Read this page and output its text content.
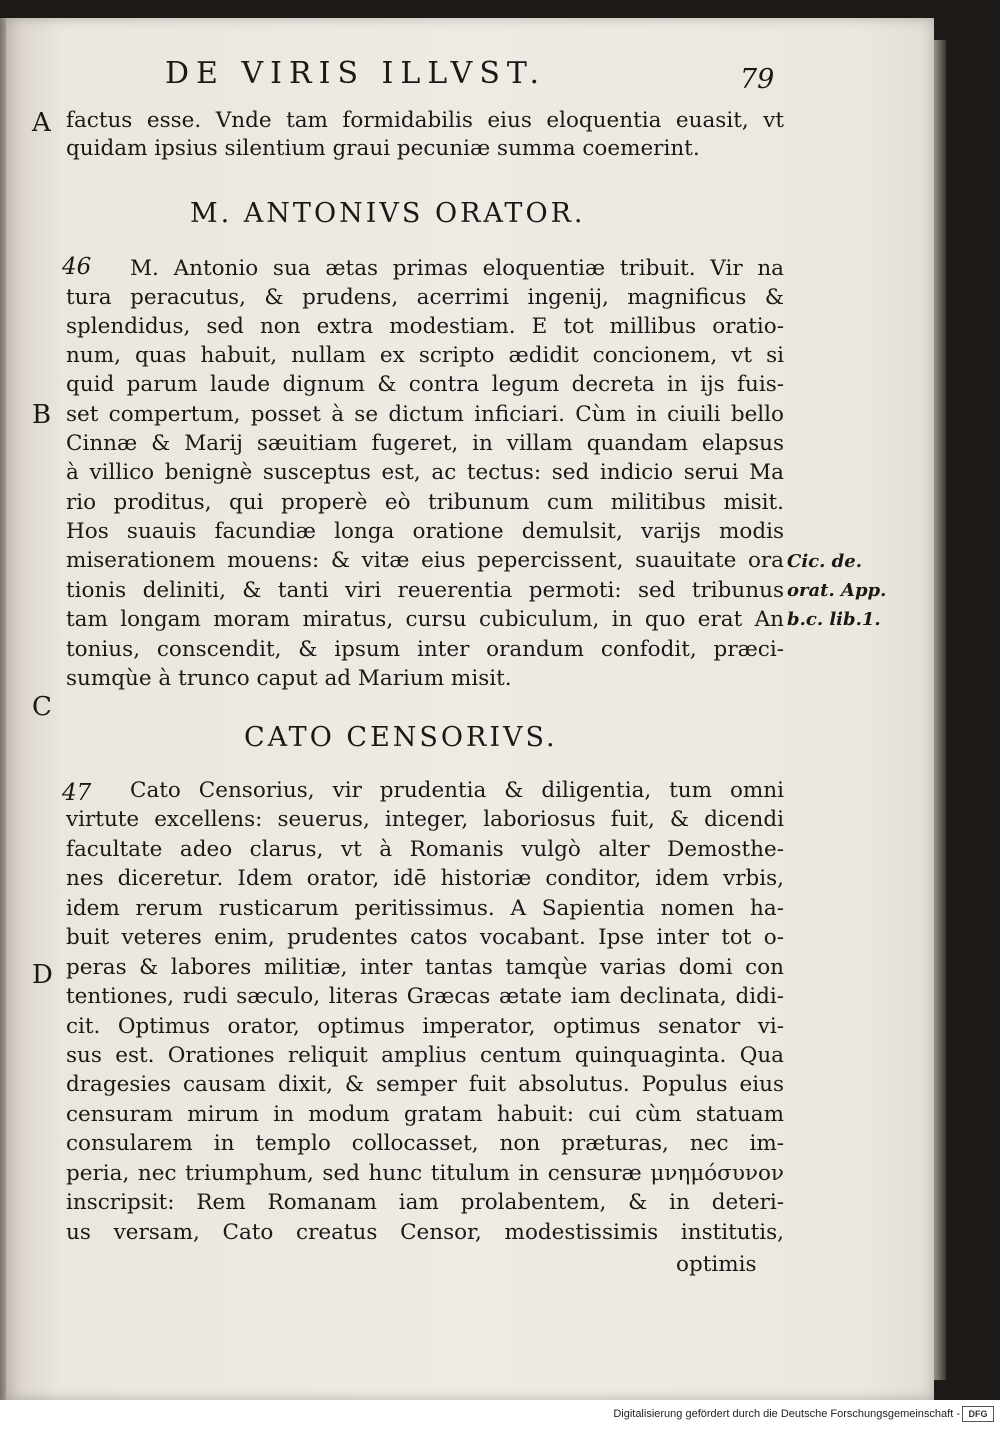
DE VIRIS ILLVST.	79
A
B
C
D
factus esse. Vnde tam formidabilis eius eloquentia euasit, vt
quidam ipsius silentium graui pecuniæ summa coemerint.
M. ANTONIVS ORATOR.
46 M. Antonio sua ætas primas eloquentiæ tribuit. Vir na
tura peracutus, & prudens, acerrimi ingenij, magnificus &
splendidus, sed non extra modestiam. E tot millibus oratio-
num, quas habuit, nullam ex scripto ædidit concionem, vt si
quid parum laude dignum & contra legum decreta in ijs fuis-
set compertum, posset à se dictum inficiari. Cùm in ciuili bello
Cinnæ & Marij sæuitiam fugeret, in villam quandam elapsus
à villico benignè susceptus est, ac tectus: sed indicio serui Ma
rio proditus, qui properè eò tribunum cum militibus misit.
Hos suauis facundiæ longa oratione demulsit, varijs modis
miserationem mouens: & vitæ eius pepercissent, suauitate ora
tionis deliniti, & tanti viri reuerentia permoti: sed tribunus
tam longam moram miratus, cursu cubiculum, in quo erat An
tonius, conscendit, & ipsum inter orandum confodit, præci-
sumqùe à trunco caput ad Marium misit.
Cic. de.
orat. App.
b.c. lib.1.
CATO CENSORIVS.
47 Cato Censorius, vir prudentia & diligentia, tum omni
virtute excellens: seuerus, integer, laboriosus fuit, & dicendi
facultate adeo clarus, vt à Romanis vulgò alter Demosthe-
nes diceretur. Idem orator, idē historiæ conditor, idem vrbis,
idem rerum rusticarum peritissimus. A Sapientia nomen ha-
buit veteres enim, prudentes catos vocabant. Ipse inter tot o-
peras & labores militiæ, inter tantas tamqùe varias domi con
tentiones, rudi sæculo, literas Græcas ætate iam declinata, didi-
cit. Optimus orator, optimus imperator, optimus senator vi-
sus est. Orationes reliquit amplius centum quinquaginta. Qua
dragesies causam dixit, & semper fuit absolutus. Populus eius
censuram mirum in modum gratam habuit: cui cùm statuam
consularem in templo collocasset, non præturas, nec im-
peria, nec triumphum, sed hunc titulum in censuræ μνημόσυνον
inscripsit: Rem Romanam iam prolabentem, & in deteri-
us versam, Cato creatus Censor, modestissimis institutis,
optimis
Digitalisierung gefördert durch die Deutsche Forschungsgemeinschaft - DFG
